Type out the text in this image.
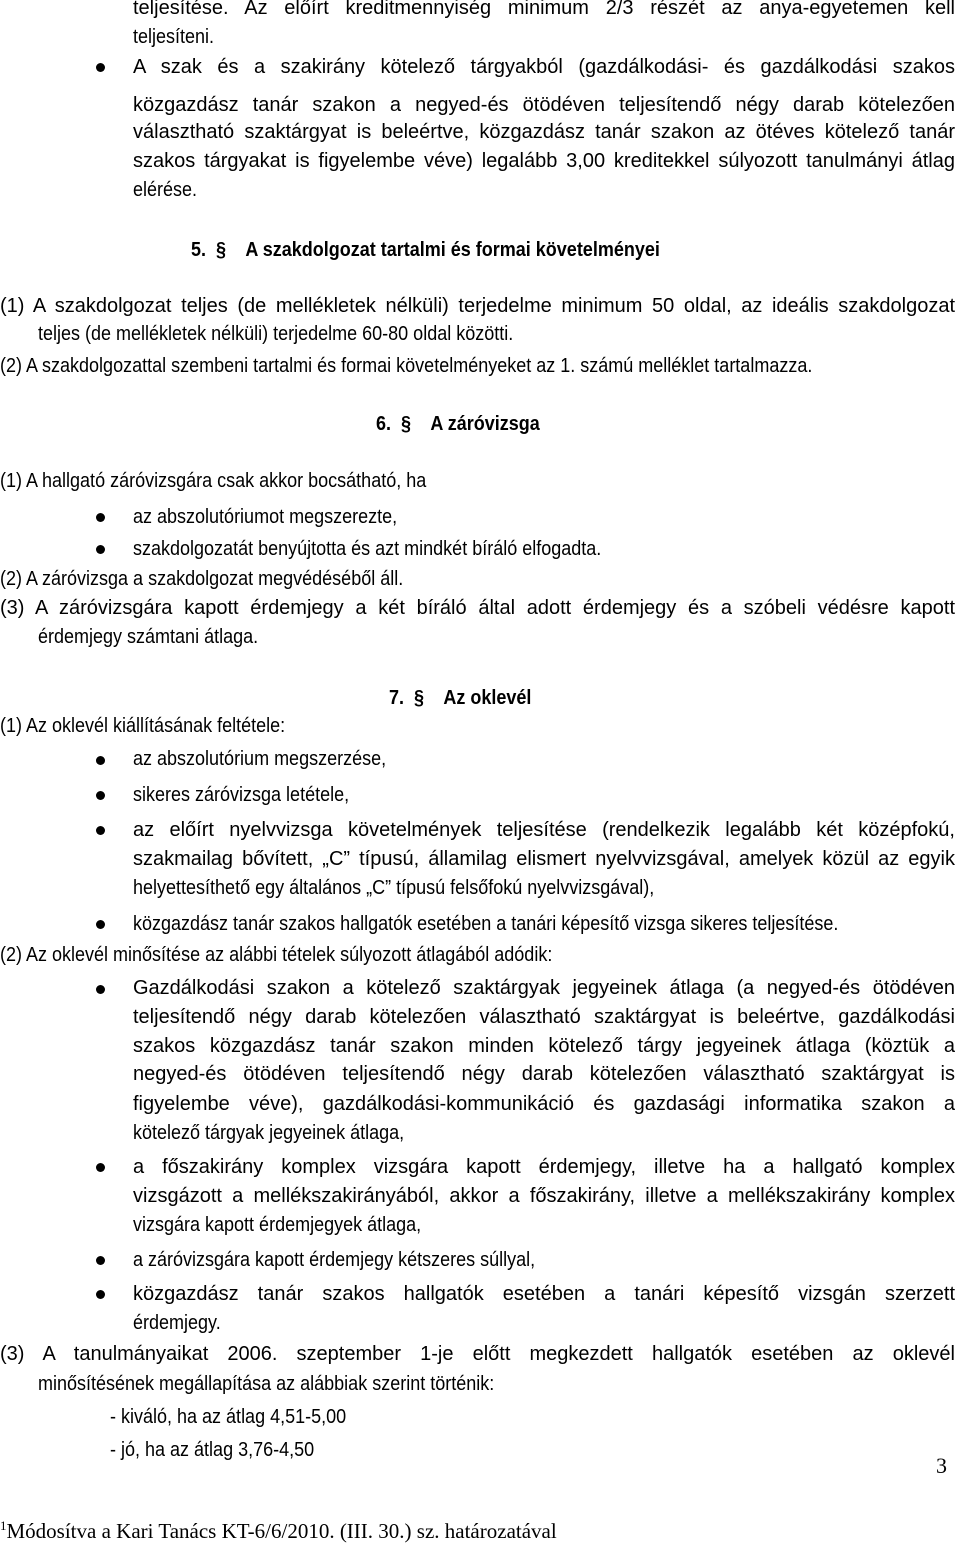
teljesítése. Az előírt kreditmennyiség minimum 2/3 részét az anya-egyetemen kell
teljesíteni.
A szak és a szakirány kötelező tárgyakból (gazdálkodási- és gazdálkodási szakos
közgazdász tanár szakon a negyed-és ötödéven teljesítendő négy darab kötelezően
választható szaktárgyat is beleértve, közgazdász tanár szakon az ötéves kötelező tanár
szakos tárgyakat is figyelembe véve) legalább 3,00 kreditekkel súlyozott tanulmányi átlag
elérése.
5. § A szakdolgozat tartalmi és formai követelményei
(1) A szakdolgozat teljes (de mellékletek nélküli) terjedelme minimum 50 oldal, az ideális szakdolgozat
teljes (de mellékletek nélküli) terjedelme 60-80 oldal közötti.
(2) A szakdolgozattal szembeni tartalmi és formai követelményeket az 1. számú melléklet tartalmazza.
6. § A záróvizsga
(1) A hallgató záróvizsgára csak akkor bocsátható, ha
az abszolutóriumot megszerezte,
szakdolgozatát benyújtotta és azt mindkét bíráló elfogadta.
(2) A záróvizsga a szakdolgozat megvédéséből áll.
(3) A záróvizsgára kapott érdemjegy a két bíráló által adott érdemjegy és a szóbeli védésre kapott
érdemjegy számtani átlaga.
7. § Az oklevél
(1) Az oklevél kiállításának feltétele:
az abszolutórium megszerzése,
sikeres záróvizsga letétele,
az előírt nyelvvizsga követelmények teljesítése (rendelkezik legalább két középfokú,
szakmailag bővített, „C” típusú, államilag elismert nyelvvizsgával, amelyek közül az egyik
helyettesíthető egy általános „C” típusú felsőfokú nyelvvizsgával),
közgazdász tanár szakos hallgatók esetében a tanári képesítő vizsga sikeres teljesítése.
(2) Az oklevél minősítése az alábbi tételek súlyozott átlagából adódik:
Gazdálkodási szakon a kötelező szaktárgyak jegyeinek átlaga (a negyed-és ötödéven
teljesítendő négy darab kötelezően választható szaktárgyat is beleértve, gazdálkodási
szakos közgazdász tanár szakon minden kötelező tárgy jegyeinek átlaga (köztük a
negyed-és ötödéven teljesítendő négy darab kötelezően választható szaktárgyat is
figyelembe véve), gazdálkodási-kommunikáció és gazdasági informatika szakon a
kötelező tárgyak jegyeinek átlaga,
a főszakirány komplex vizsgára kapott érdemjegy, illetve ha a hallgató komplex
vizsgázott a mellékszakirányából, akkor a főszakirány, illetve a mellékszakirány komplex
vizsgára kapott érdemjegyek átlaga,
a záróvizsgára kapott érdemjegy kétszeres súllyal,
közgazdász tanár szakos hallgatók esetében a tanári képesítő vizsgán szerzett
érdemjegy.
(3) A tanulmányaikat 2006. szeptember 1-je előtt megkezdett hallgatók esetében az oklevél
minősítésének megállapítása az alábbiak szerint történik:
- kiváló, ha az átlag 4,51-5,00
- jó, ha az átlag 3,76-4,50
3
$^1$Módosítva a Kari Tanács KT-6/6/2010. (III. 30.) sz. határozatával
